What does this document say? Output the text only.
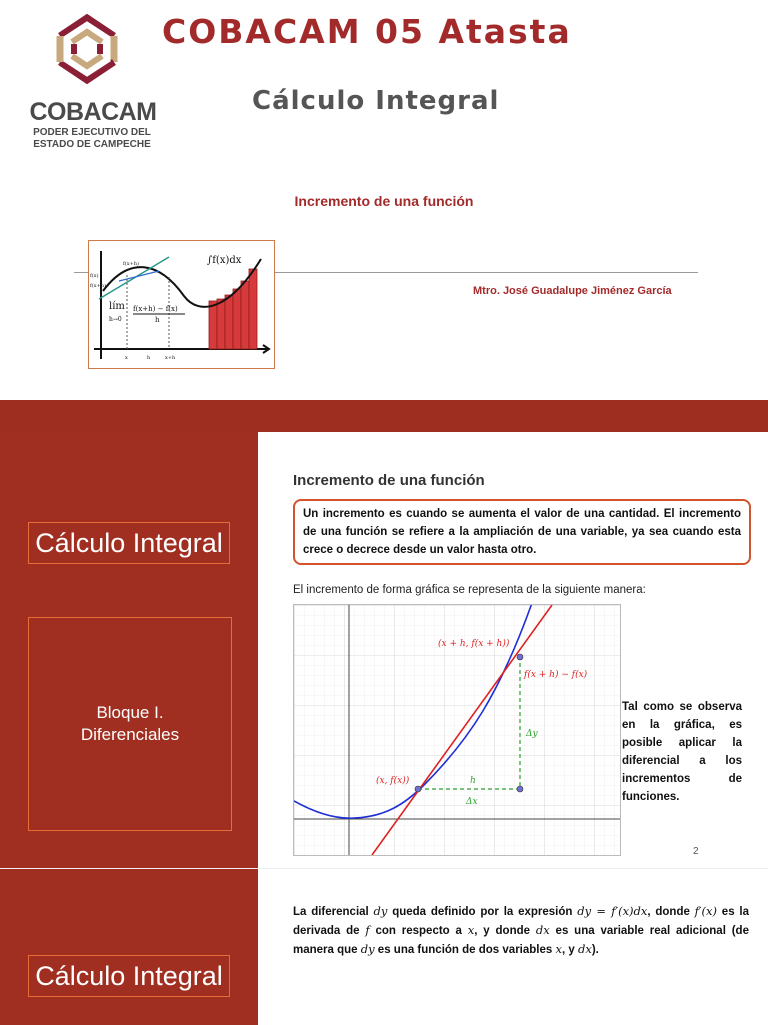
COBACAM
PODER EJECUTIVO DEL
ESTADO DE CAMPECHE
COBACAM 05 Atasta
Cálculo Integral
Incremento de una función
∫f(x)dx
lím
h→0
f(x+h) − f(x)
h
x	h	x+h
f(x)
f(x+h)
f(x+h)
Mtro. José Guadalupe Jiménez García
Cálculo Integral
Bloque I.
Diferenciales
Incremento de una función
Un incremento es cuando se aumenta el valor de una cantidad. El incremento de una función se refiere a la ampliación de una variable, ya sea cuando esta crece o decrece desde un valor hasta otro.
El incremento de forma gráfica se representa de la siguiente manera:
(x + h, f(x + h))
f(x + h) − f(x)
Δy
(x, f(x))	h
Δx
Tal como se observa en la gráfica, es posible aplicar la diferencial a los incrementos de funciones.
2
Cálculo Integral
La diferencial dy queda definido por la expresión dy = f′(x)dx, donde f′(x) es la derivada de f con respecto a x, y donde dx es una variable real adicional (de manera que dy es una función de dos variables x, y dx).
